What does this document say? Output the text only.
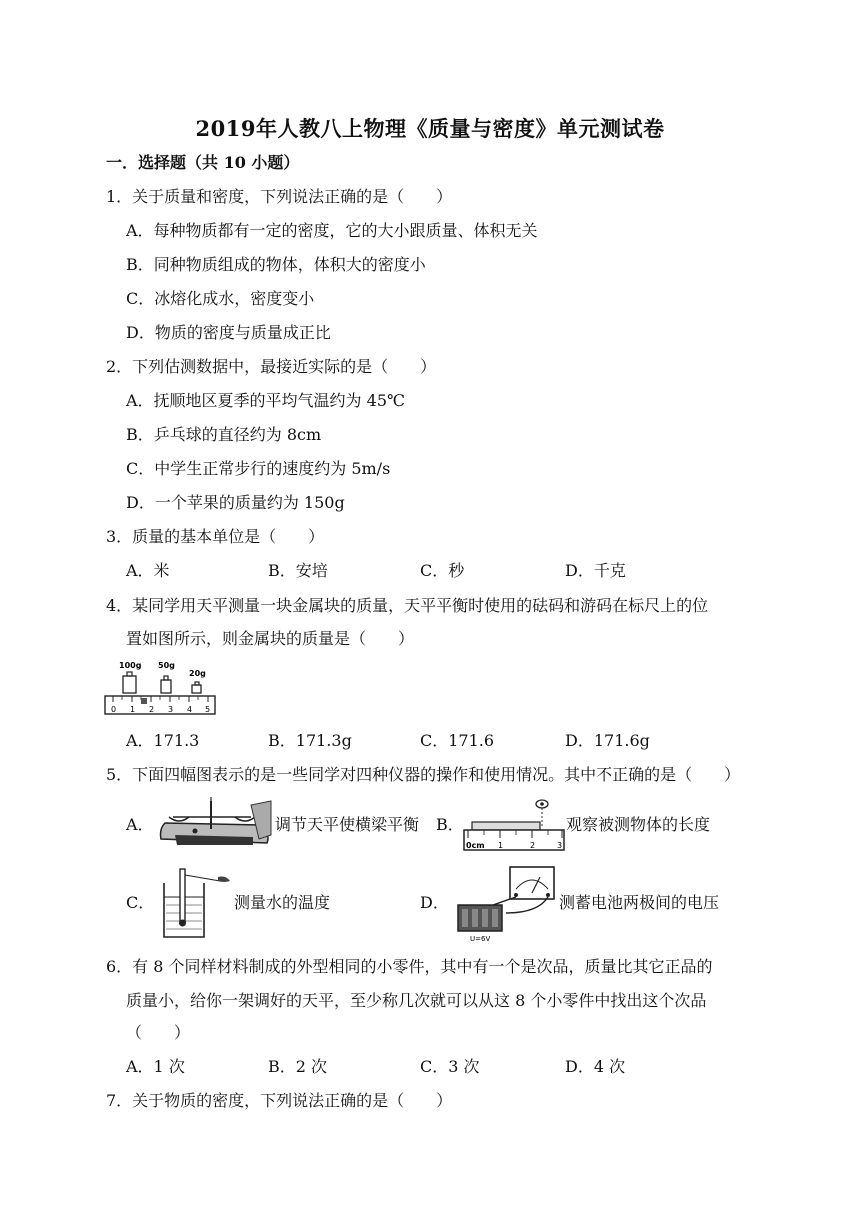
2019年人教八上物理《质量与密度》单元测试卷
一．选择题（共 10 小题）
1．关于质量和密度，下列说法正确的是（　　）
A．每种物质都有一定的密度，它的大小跟质量、体积无关
B．同种物质组成的物体，体积大的密度小
C．冰熔化成水，密度变小
D．物质的密度与质量成正比
2．下列估测数据中，最接近实际的是（　　）
A．抚顺地区夏季的平均气温约为 45℃
B．乒乓球的直径约为 8cm
C．中学生正常步行的速度约为 5m/s
D．一个苹果的质量约为 150g
3．质量的基本单位是（　　）
A．米	B．安培	C．秒	D．千克
4．某同学用天平测量一块金属块的质量，天平平衡时使用的砝码和游码在标尺上的位
置如图所示，则金属块的质量是（　　）
100g 50g
20g
0 1 2 3 4 5
A．171.3	B．171.3g	C．171.6	D．171.6g
5．下面四幅图表示的是一些同学对四种仪器的操作和使用情况。其中不正确的是（　　）
A．	调节天平使横梁平衡 B．
0cm 1	2	3
观察被测物体的长度
C．	测量水的温度	D．
U=6V
测蓄电池两极间的电压
6．有 8 个同样材料制成的外型相同的小零件，其中有一个是次品，质量比其它正品的
质量小，给你一架调好的天平，至少称几次就可以从这 8 个小零件中找出这个次品
（　　）
A．1 次	B．2 次	C．3 次	D．4 次
7．关于物质的密度，下列说法正确的是（　　）
